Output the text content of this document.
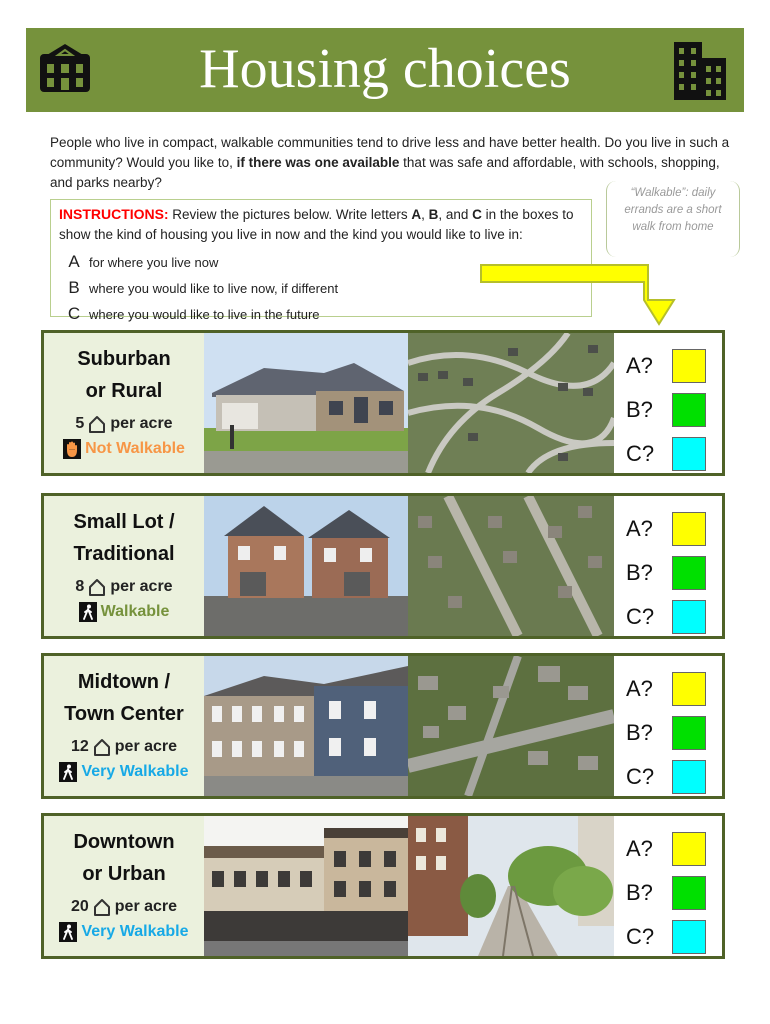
Housing choices
People who live in compact, walkable communities tend to drive less and have better health. Do you live in such a community? Would you like to, if there was one available that was safe and affordable, with schools, shopping, and parks nearby?
“Walkable”: daily
errands are a short
walk from home
INSTRUCTIONS: Review the pictures below. Write letters A, B, and C in the boxes to show the kind of housing you live in now and the kind you would like to live in:
A for where you live now
B where you would like to live now, if different
C where you would like to live in the future
Suburban
or Rural
5 per acre
Not Walkable
A?
B?
C?
Small Lot /
Traditional
8 per acre
Walkable
A?
B?
C?
Midtown /
Town Center
12 per acre
Very Walkable
A?
B?
C?
Downtown
or Urban
20 per acre
Very Walkable
A?
B?
C?
